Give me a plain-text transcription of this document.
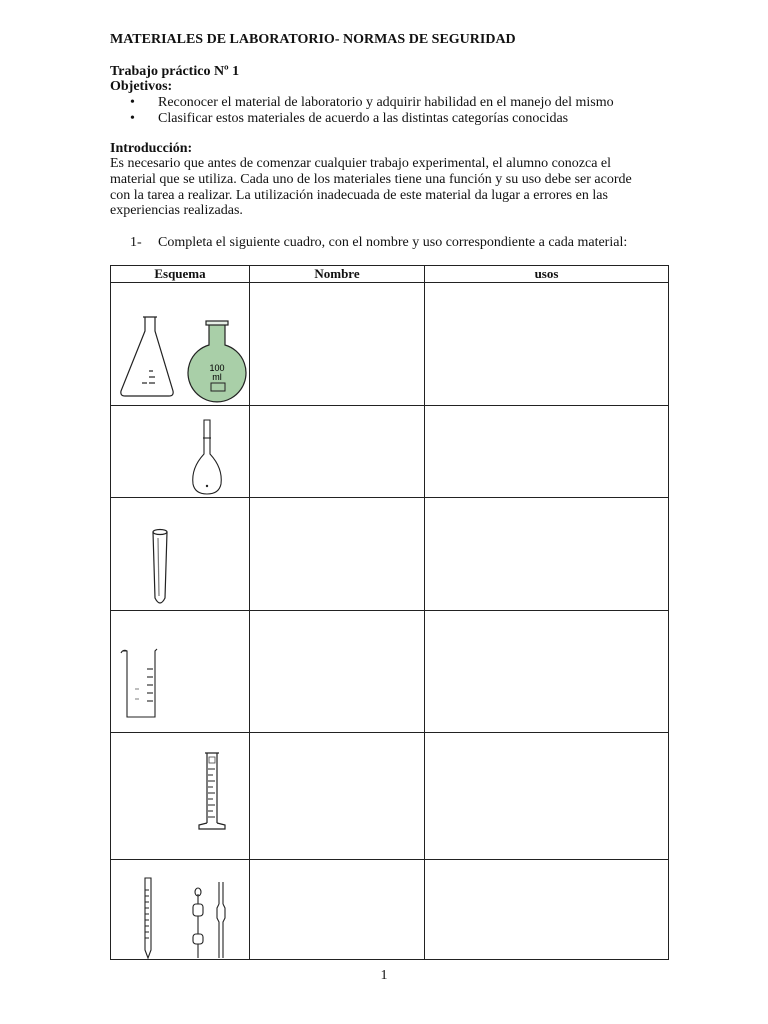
MATERIALES DE LABORATORIO- NORMAS DE SEGURIDAD
Trabajo práctico Nº 1
Objetivos:
• Reconocer el material de laboratorio y adquirir habilidad en el manejo del mismo
• Clasificar estos materiales de acuerdo a las distintas categorías conocidas
Introducción:
Es necesario que antes de comenzar cualquier trabajo experimental, el alumno conozca el
material que se utiliza. Cada uno de los materiales tiene una función y su uso debe ser acorde
con la tarea a realizar. La utilización inadecuada de este material da lugar a errores en las
experiencias realizadas.
1- Completa el siguiente cuadro, con el nombre y uso correspondiente a cada material:
Esquema	Nombre	usos

100
ml		

1
